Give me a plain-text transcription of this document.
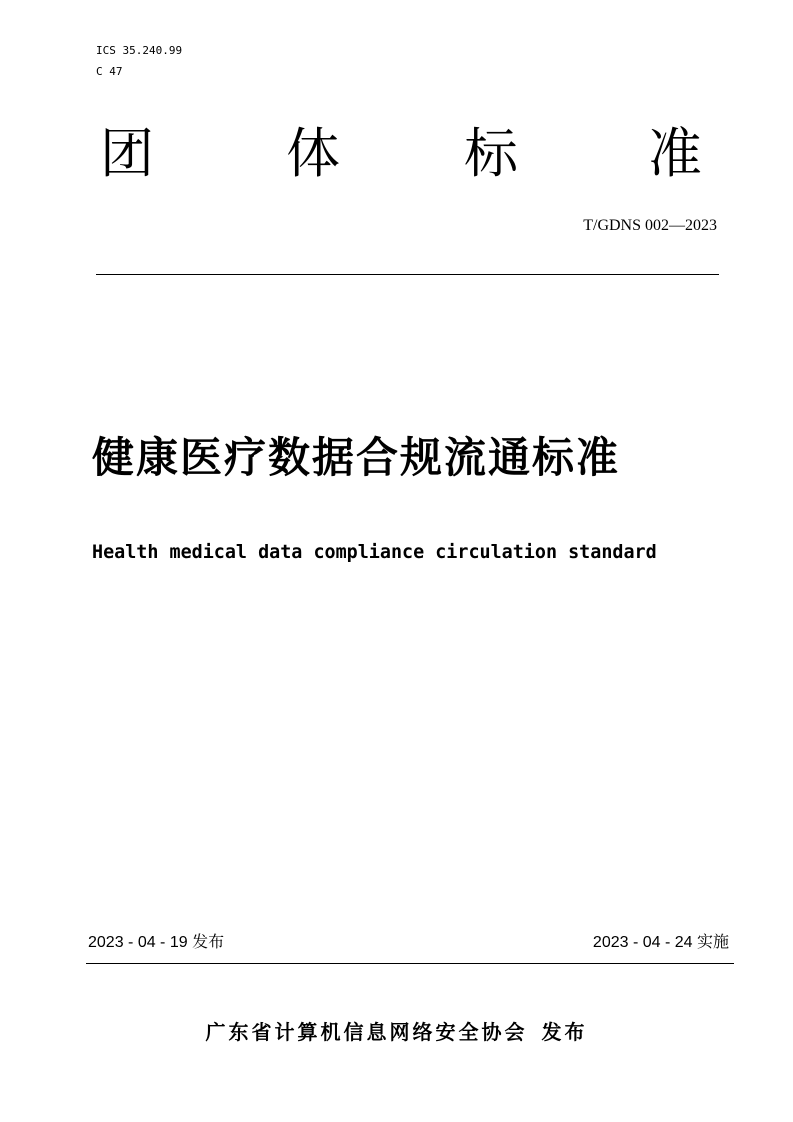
ICS 35.240.99
C 47
团 体 标 准
T/GDNS 002—2023
健康医疗数据合规流通标准
Health medical data compliance circulation standard
2023 - 04 - 19 发布	2023 - 04 - 24 实施
广东省计算机信息网络安全协会 发布
